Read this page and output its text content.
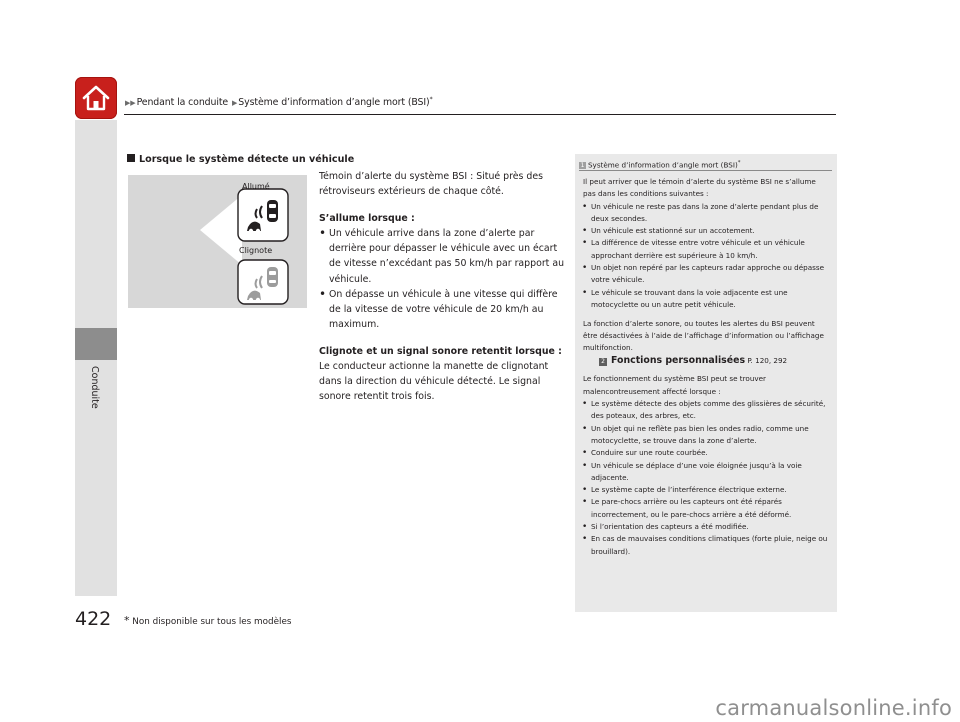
▶▶Pendant la conduite ▶Système d’information d’angle mort (BSI)*
Conduite
Lorsque le système détecte un véhicule
Allumé
Clignote

Témoin d’alerte du système BSI : Situé près des rétroviseurs extérieurs de chaque côté.

S’allume lorsque :

• Un véhicule arrive dans la zone d’alerte par derrière pour dépasser le véhicule avec un écart de vitesse n’excédant pas 50 km/h par rapport au véhicule.
• On dépasse un véhicule à une vitesse qui diffère de la vitesse de votre véhicule de 20 km/h au maximum.

Clignote et un signal sonore retentit lorsque :

Le conducteur actionne la manette de clignotant dans la direction du véhicule détecté. Le signal sonore retentit trois fois.

1 Système d’information d’angle mort (BSI)*

Il peut arriver que le témoin d’alerte du système BSI ne s’allume pas dans les conditions suivantes :

• Un véhicule ne reste pas dans la zone d’alerte pendant plus de deux secondes.
• Un véhicule est stationné sur un accotement.
• La différence de vitesse entre votre véhicule et un véhicule approchant derrière est supérieure à 10 km/h.
• Un objet non repéré par les capteurs radar approche ou dépasse votre véhicule.
• Le véhicule se trouvant dans la voie adjacente est une motocyclette ou un autre petit véhicule.

La fonction d’alerte sonore, ou toutes les alertes du BSI peuvent être désactivées à l’aide de l’affichage d’information ou l’affichage multifonction.

2 Fonctions personnalisées P. 120, 292

Le fonctionnement du système BSI peut se trouver malencontreusement affecté lorsque :

• Le système détecte des objets comme des glissières de sécurité, des poteaux, des arbres, etc.
• Un objet qui ne reflète pas bien les ondes radio, comme une motocyclette, se trouve dans la zone d’alerte.
• Conduire sur une route courbée.
• Un véhicule se déplace d’une voie éloignée jusqu’à la voie adjacente.
• Le système capte de l’interférence électrique externe.
• Le pare-chocs arrière ou les capteurs ont été réparés incorrectement, ou le pare-chocs arrière a été déformé.
• Si l’orientation des capteurs a été modifiée.
• En cas de mauvaises conditions climatiques (forte pluie, neige ou brouillard).
422 * Non disponible sur tous les modèles
carmanualsonline.info
